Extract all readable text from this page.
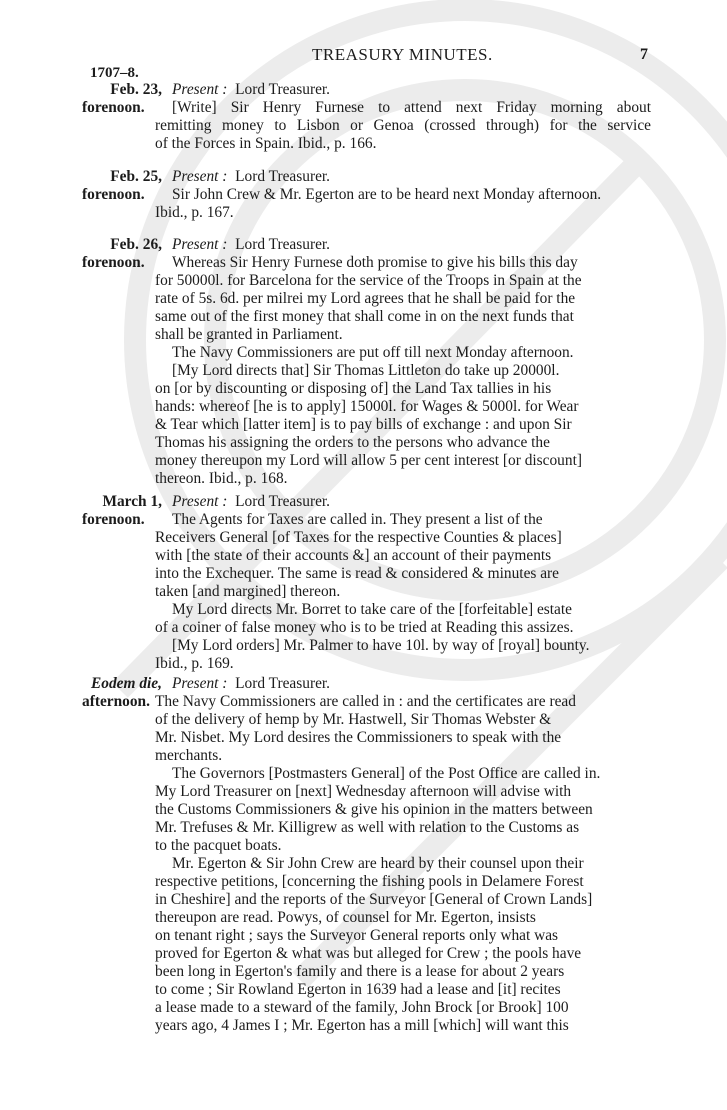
TREASURY MINUTES.	7
1707–8.
Feb. 23,
forenoon.
Present : Lord Treasurer.
[Write] Sir Henry Furnese to attend next Friday morning about
remitting money to Lisbon or Genoa (crossed through) for the service
of the Forces in Spain. Ibid., p. 166.
Feb. 25,
forenoon.
Present : Lord Treasurer.
Sir John Crew & Mr. Egerton are to be heard next Monday afternoon.
Ibid., p. 167.
Feb. 26,
forenoon.
Present : Lord Treasurer.
Whereas Sir Henry Furnese doth promise to give his bills this day
for 50000l. for Barcelona for the service of the Troops in Spain at the
rate of 5s. 6d. per milrei my Lord agrees that he shall be paid for the
same out of the first money that shall come in on the next funds that
shall be granted in Parliament.
The Navy Commissioners are put off till next Monday afternoon.
[My Lord directs that] Sir Thomas Littleton do take up 20000l.
on [or by discounting or disposing of] the Land Tax tallies in his
hands: whereof [he is to apply] 15000l. for Wages & 5000l. for Wear
& Tear which [latter item] is to pay bills of exchange : and upon Sir
Thomas his assigning the orders to the persons who advance the
money thereupon my Lord will allow 5 per cent interest [or discount]
thereon. Ibid., p. 168.
March 1,
forenoon.
Present : Lord Treasurer.
The Agents for Taxes are called in. They present a list of the
Receivers General [of Taxes for the respective Counties & places]
with [the state of their accounts &] an account of their payments
into the Exchequer. The same is read & considered & minutes are
taken [and margined] thereon.
My Lord directs Mr. Borret to take care of the [forfeitable] estate
of a coiner of false money who is to be tried at Reading this assizes.
[My Lord orders] Mr. Palmer to have 10l. by way of [royal] bounty.
Ibid., p. 169.
Eodem die,
afternoon.
Present : Lord Treasurer.
The Navy Commissioners are called in : and the certificates are read
of the delivery of hemp by Mr. Hastwell, Sir Thomas Webster &
Mr. Nisbet. My Lord desires the Commissioners to speak with the
merchants.
The Governors [Postmasters General] of the Post Office are called in.
My Lord Treasurer on [next] Wednesday afternoon will advise with
the Customs Commissioners & give his opinion in the matters between
Mr. Trefuses & Mr. Killigrew as well with relation to the Customs as
to the pacquet boats.
Mr. Egerton & Sir John Crew are heard by their counsel upon their
respective petitions, [concerning the fishing pools in Delamere Forest
in Cheshire] and the reports of the Surveyor [General of Crown Lands]
thereupon are read. Powys, of counsel for Mr. Egerton, insists
on tenant right ; says the Surveyor General reports only what was
proved for Egerton & what was but alleged for Crew ; the pools have
been long in Egerton's family and there is a lease for about 2 years
to come ; Sir Rowland Egerton in 1639 had a lease and [it] recites
a lease made to a steward of the family, John Brock [or Brook] 100
years ago, 4 James I ; Mr. Egerton has a mill [which] will want this
